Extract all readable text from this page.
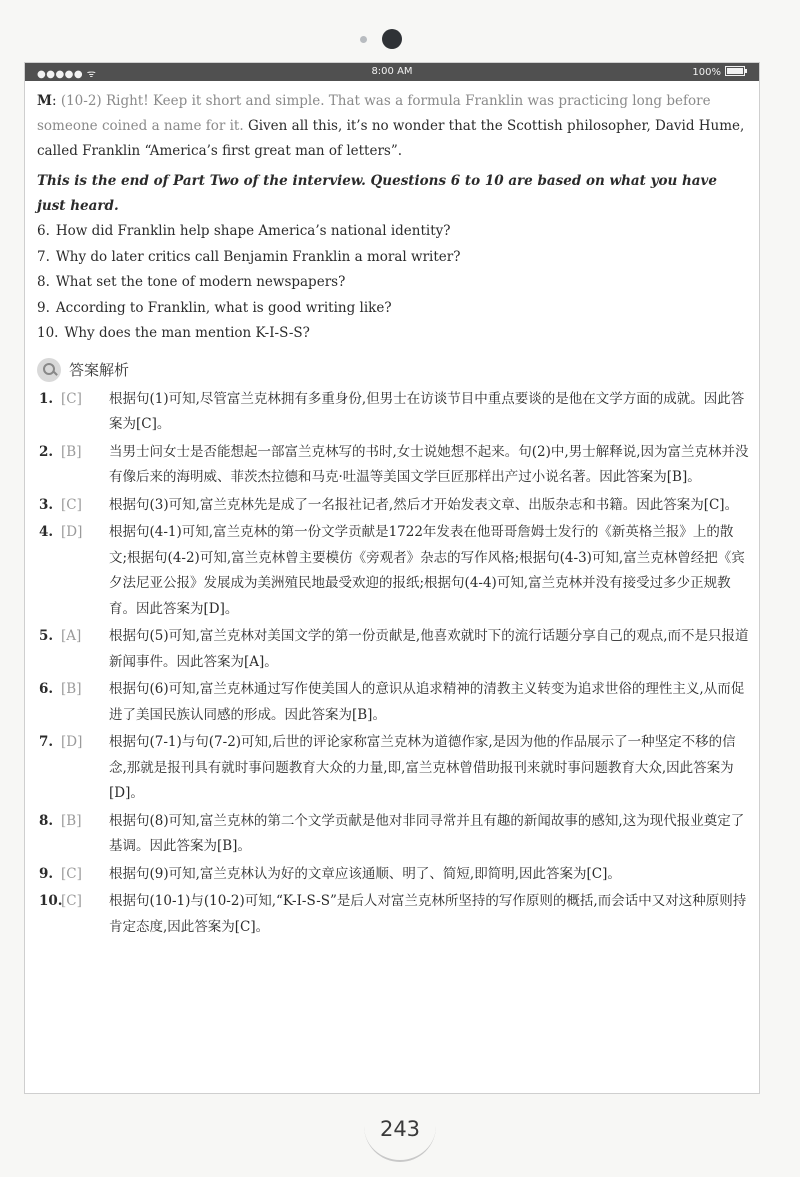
●●●●● ᯤ	8:00 AM	100%
M: (10-2) Right! Keep it short and simple. That was a formula Franklin was practicing long before someone coined a name for it. Given all this, it’s no wonder that the Scottish philosopher, David Hume, called Franklin “America’s first great man of letters”.
This is the end of Part Two of the interview. Questions 6 to 10 are based on what you have just heard.
6. How did Franklin help shape America’s national identity?
7. Why do later critics call Benjamin Franklin a moral writer?
8. What set the tone of modern newspapers?
9. According to Franklin, what is good writing like?
10. Why does the man mention K-I-S-S?
答案解析
1. [C] 根据句(1)可知,尽管富兰克林拥有多重身份,但男士在访谈节目中重点要谈的是他在文学方面的成就。因此答案为[C]。
2. [B] 当男士问女士是否能想起一部富兰克林写的书时,女士说她想不起来。句(2)中,男士解释说,因为富兰克林并没有像后来的海明威、菲茨杰拉德和马克·吐温等美国文学巨匠那样出产过小说名著。因此答案为[B]。
3. [C] 根据句(3)可知,富兰克林先是成了一名报社记者,然后才开始发表文章、出版杂志和书籍。因此答案为[C]。
4. [D] 根据句(4-1)可知,富兰克林的第一份文学贡献是1722年发表在他哥哥詹姆士发行的《新英格兰报》上的散文;根据句(4-2)可知,富兰克林曾主要模仿《旁观者》杂志的写作风格;根据句(4-3)可知,富兰克林曾经把《宾夕法尼亚公报》发展成为美洲殖民地最受欢迎的报纸;根据句(4-4)可知,富兰克林并没有接受过多少正规教育。因此答案为[D]。
5. [A] 根据句(5)可知,富兰克林对美国文学的第一份贡献是,他喜欢就时下的流行话题分享自己的观点,而不是只报道新闻事件。因此答案为[A]。
6. [B] 根据句(6)可知,富兰克林通过写作使美国人的意识从追求精神的清教主义转变为追求世俗的理性主义,从而促进了美国民族认同感的形成。因此答案为[B]。
7. [D] 根据句(7-1)与句(7-2)可知,后世的评论家称富兰克林为道德作家,是因为他的作品展示了一种坚定不移的信念,那就是报刊具有就时事问题教育大众的力量,即,富兰克林曾借助报刊来就时事问题教育大众,因此答案为[D]。
8. [B] 根据句(8)可知,富兰克林的第二个文学贡献是他对非同寻常并且有趣的新闻故事的感知,这为现代报业奠定了基调。因此答案为[B]。
9. [C] 根据句(9)可知,富兰克林认为好的文章应该通顺、明了、简短,即简明,因此答案为[C]。
10.
[C] 根据句(10-1)与(10-2)可知,“K-I-S-S”是后人对富兰克林所坚持的写作原则的概括,而会话中又对这种原则持肯定态度,因此答案为[C]。
243
